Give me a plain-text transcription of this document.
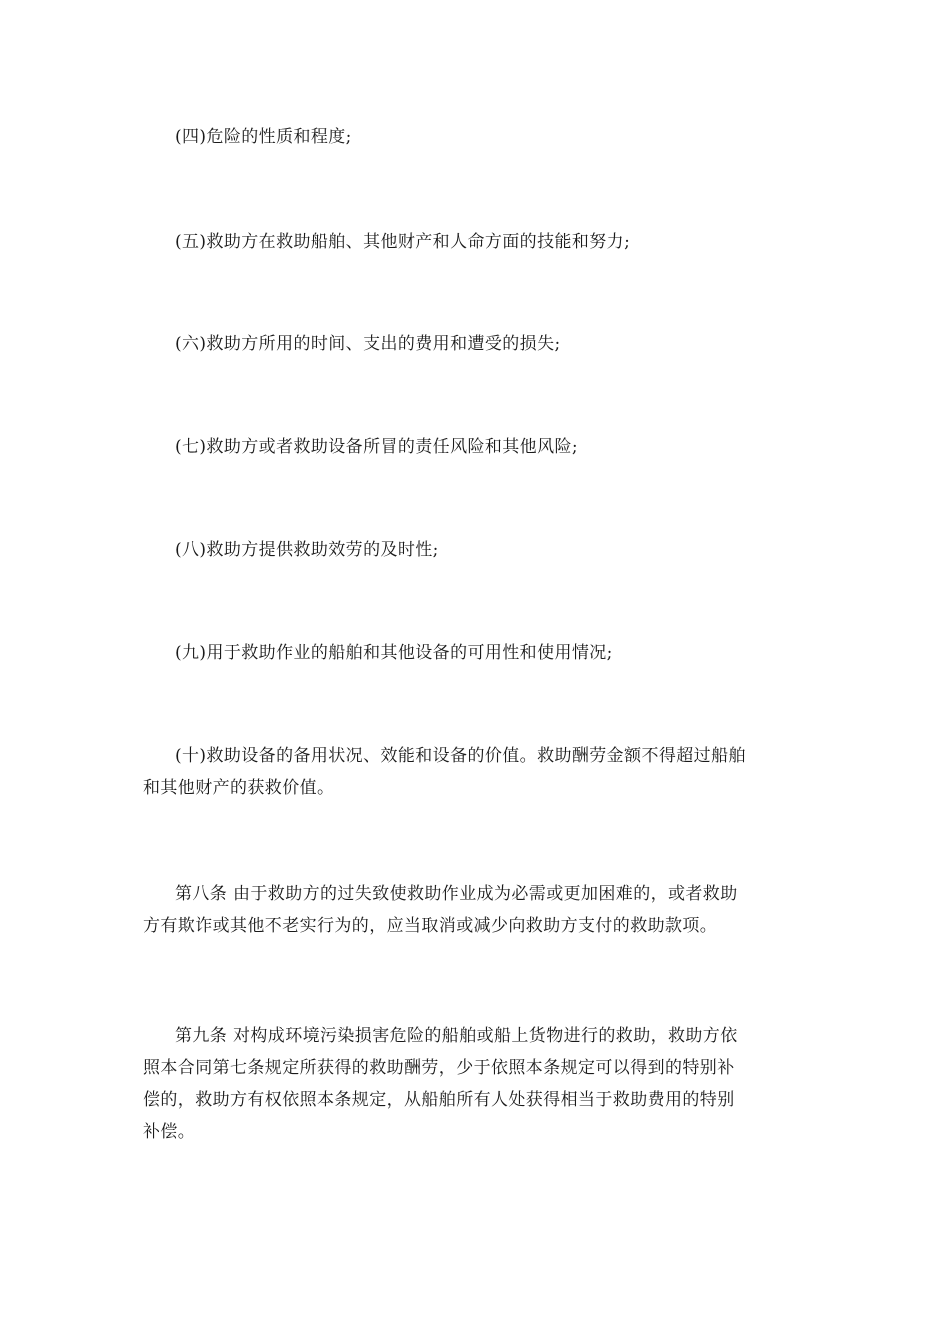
(四)危险的性质和程度;

(五)救助方在救助船舶、其他财产和人命方面的技能和努力;

(六)救助方所用的时间、支出的费用和遭受的损失;

(七)救助方或者救助设备所冒的责任风险和其他风险;

(八)救助方提供救助效劳的及时性;

(九)用于救助作业的船舶和其他设备的可用性和使用情况;

(十)救助设备的备用状况、效能和设备的价值。救助酬劳金额不得超过船舶
和其他财产的获救价值。

第八条 由于救助方的过失致使救助作业成为必需或更加困难的，或者救助
方有欺诈或其他不老实行为的，应当取消或减少向救助方支付的救助款项。

第九条 对构成环境污染损害危险的船舶或船上货物进行的救助，救助方依
照本合同第七条规定所获得的救助酬劳，少于依照本条规定可以得到的特别补
偿的，救助方有权依照本条规定，从船舶所有人处获得相当于救助费用的特别
补偿。
